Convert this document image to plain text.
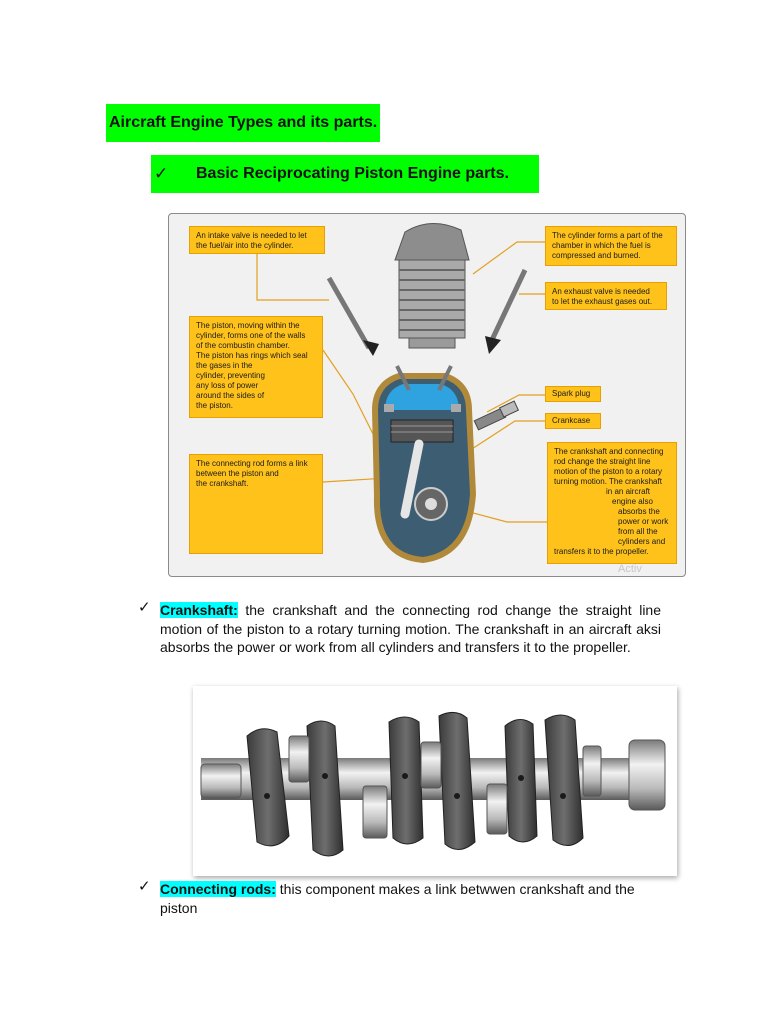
Aircraft Engine Types and its parts.
✓ Basic Reciprocating Piston Engine parts.
An intake valve is needed to let
the fuel/air into the cylinder.
The cylinder forms a part of the
chamber in which the fuel is
compressed and burned.
An exhaust valve is needed
to let the exhaust gases out.
The piston, moving within the
cylinder, forms one of the walls
of the combustin chamber.
The piston has rings which seal
the gases in the
cylinder, preventing
any loss of power
around the sides of
the piston.
Spark plug
Crankcase
The connecting rod forms a link
between the piston and
the crankshaft.
The crankshaft and connecting
rod change the straight line
motion of the piston to a rotary
turning motion. The crankshaft
in an aircraft
engine also
absorbs the
power or work
from all the
cylinders and
transfers it to the propeller.
Activ
✓ Crankshaft: the crankshaft and the connecting rod change the straight line motion of the piston to a rotary turning motion. The crankshaft in an aircraft aksi absorbs the power or work from all cylinders and transfers it to the propeller.

✓ Connecting rods: this component makes a link betwwen crankshaft and the piston
